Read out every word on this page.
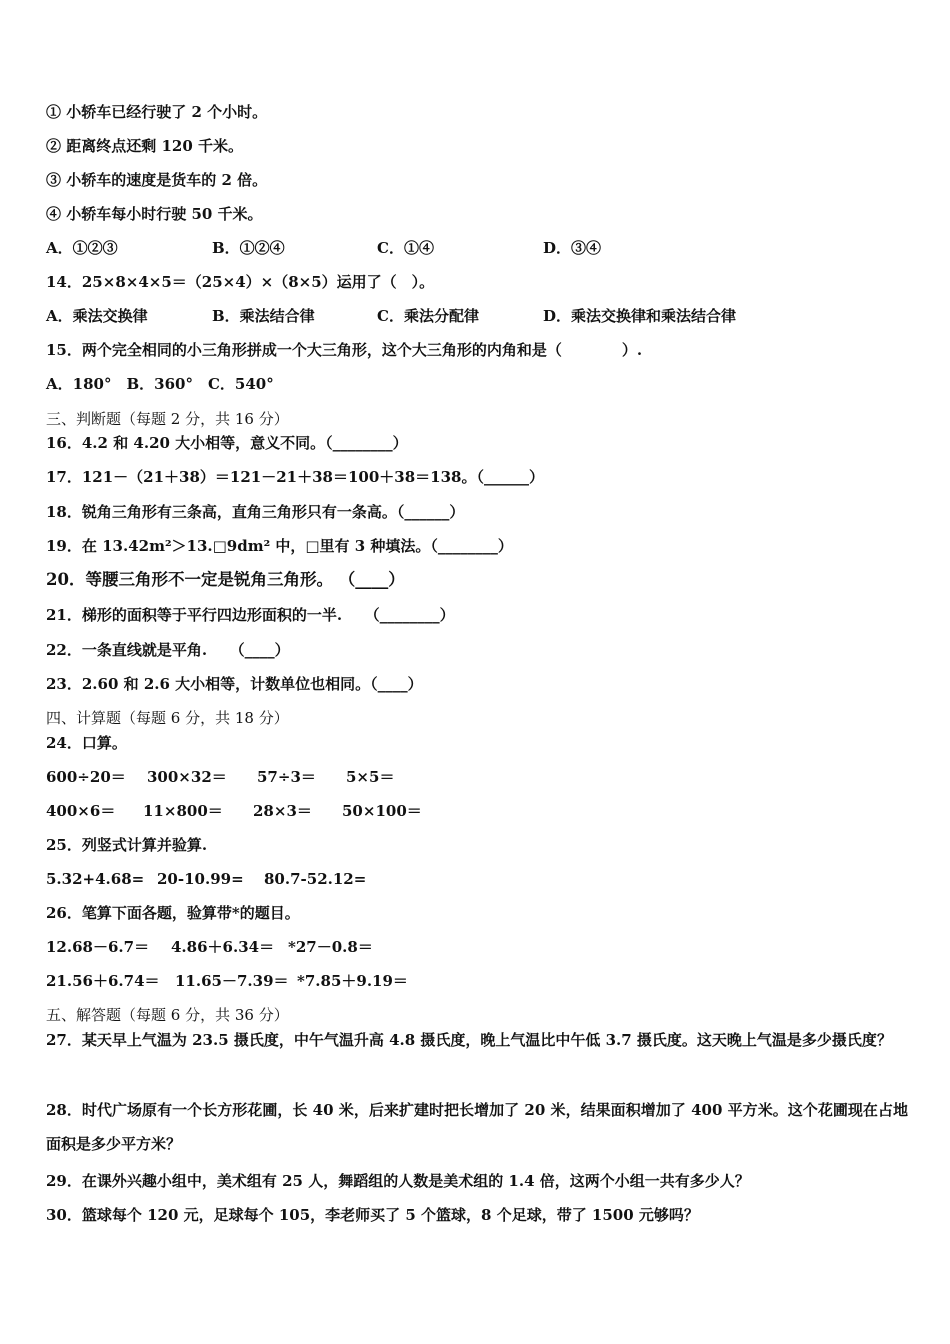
① 小轿车已经行驶了 2 个小时。
② 距离终点还剩 120 千米。
③ 小轿车的速度是货车的 2 倍。
④ 小轿车每小时行驶 50 千米。
A．①②③	B．①②④	C．①④	D．③④
14．25×8×4×5＝（25×4）×（8×5）运用了（　）。
A．乘法交换律	B．乘法结合律	C．乘法分配律	D．乘法交换律和乘法结合律
15．两个完全相同的小三角形拼成一个大三角形，这个大三角形的内角和是（　　　　）.
A．180°　B．360°　C．540°
三、判断题（每题 2 分，共 16 分）
16．4.2 和 4.20 大小相等，意义不同。（________）
17．121－（21＋38）＝121－21＋38＝100＋38＝138。（______）
18．锐角三角形有三条高，直角三角形只有一条高。（______）
19．在 13.42m²＞13.□9dm² 中，□里有 3 种填法。（________）
20．等腰三角形不一定是锐角三角形。 （____）
21．梯形的面积等于平行四边形面积的一半.　　（________）
22．一条直线就是平角.　　（____）
23．2.60 和 2.6 大小相等，计数单位也相同。（____）
四、计算题（每题 6 分，共 18 分）
24．口算。
600÷20＝ 300×32＝ 57÷3＝ 5×5＝
400×6＝ 11×800＝ 28×3＝ 50×100＝
25．列竖式计算并验算.
5.32+4.68= 20-10.99= 80.7-52.12=
26．笔算下面各题，验算带*的题目。
12.68－6.7＝ 4.86＋6.34＝ *27－0.8＝
21.56＋6.74＝ 11.65－7.39＝ *7.85＋9.19＝
五、解答题（每题 6 分，共 36 分）
27．某天早上气温为 23.5 摄氏度，中午气温升高 4.8 摄氏度，晚上气温比中午低 3.7 摄氏度。这天晚上气温是多少摄氏度？
28．时代广场原有一个长方形花圃，长 40 米，后来扩建时把长增加了 20 米，结果面积增加了 400 平方米。这个花圃现在占地面积是多少平方米？
29．在课外兴趣小组中，美术组有 25 人，舞蹈组的人数是美术组的 1.4 倍，这两个小组一共有多少人？
30．篮球每个 120 元，足球每个 105，李老师买了 5 个篮球，8 个足球，带了 1500 元够吗？
